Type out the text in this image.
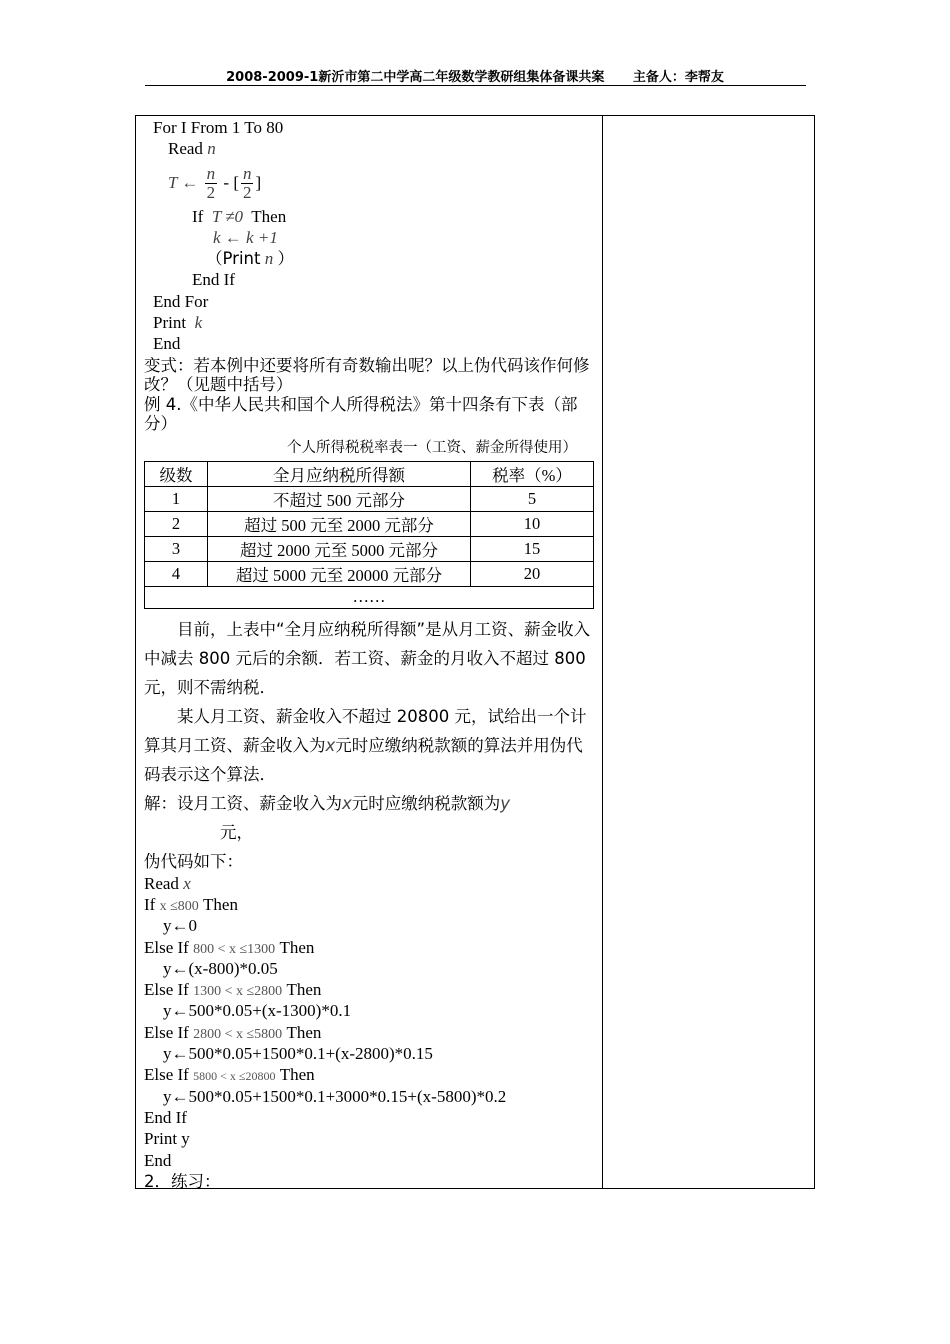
2008-2009-1新沂市第二中学高二年级数学教研组集体备课共案 主备人：李帮友
For I From 1 To 80
Read n
T ← $\frac{n}{2}$ - [ $\frac{n}{2}$ ]
If T ≠0 Then
k ← k +1
（Print n ）
End If
End For
Print k
End
变式：若本例中还要将所有奇数输出呢？以上伪代码该作何修改？（见题中括号）
例 4.《中华人民共和国个人所得税法》第十四条有下表（部分）
个人所得税税率表一（工资、薪金所得使用）
级数	全月应纳税所得额	税率（%）
1	不超过 500 元部分	5
2	超过 500 元至 2000 元部分	10
3	超过 2000 元至 5000 元部分	15
4	超过 5000 元至 20000 元部分	20
……		
目前，上表中“全月应纳税所得额”是从月工资、薪金收入中减去 800 元后的余额．若工资、薪金的月收入不超过 800 元，则不需纳税．
某人月工资、薪金收入不超过 20800 元，试给出一个计算其月工资、薪金收入为x元时应缴纳税款额的算法并用伪代码表示这个算法．
解：设月工资、薪金收入为x元时应缴纳税款额为y
元，
伪代码如下：
Read x
If x ≤800 Then
y←0
Else If 800 < x ≤1300 Then
y←(x-800)*0.05
Else If 1300 < x ≤2800 Then
y←500*0.05+(x-1300)*0.1
Else If 2800 < x ≤5800 Then
y←500*0.05+1500*0.1+(x-2800)*0.15
Else If 5800 < x ≤20800 Then
y←500*0.05+1500*0.1+3000*0.15+(x-5800)*0.2
End If
Print y
End
2．练习：
